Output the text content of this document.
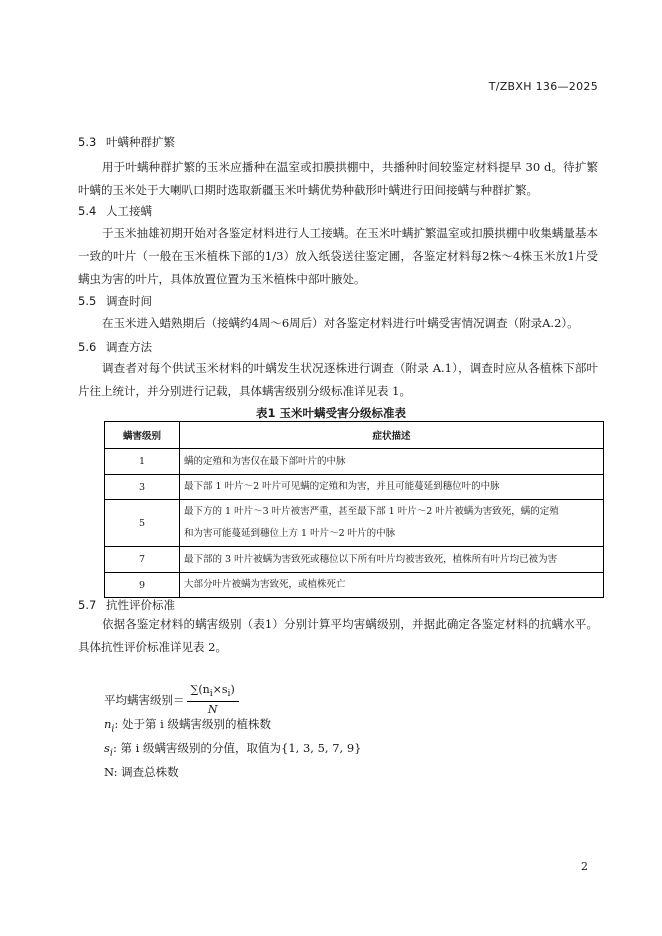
T/ZBXH 136—2025
5.3 叶螨种群扩繁
用于叶螨种群扩繁的玉米应播种在温室或扣膜拱棚中，共播种时间较鉴定材料提早 30 d。待扩繁叶螨的玉米处于大喇叭口期时选取新疆玉米叶螨优势种截形叶螨进行田间接螨与种群扩繁。
5.4 人工接螨
于玉米抽雄初期开始对各鉴定材料进行人工接螨。在玉米叶螨扩繁温室或扣膜拱棚中收集螨量基本一致的叶片（一般在玉米植株下部的1/3）放入纸袋送往鉴定圃，各鉴定材料每2株～4株玉米放1片受螨虫为害的叶片，具体放置位置为玉米植株中部叶腋处。
5.5 调查时间
在玉米进入蜡熟期后（接螨约4周～6周后）对各鉴定材料进行叶螨受害情况调查（附录A.2）。
5.6 调查方法
调查者对每个供试玉米材料的叶螨发生状况逐株进行调查（附录 A.1），调查时应从各植株下部叶片往上统计，并分别进行记载，具体螨害级别分级标准详见表 1。
表1 玉米叶螨受害分级标准表
螨害级别	症状描述
1	螨的定殖和为害仅在最下部叶片的中脉
3	最下部 1 叶片～2 叶片可见螨的定殖和为害，并且可能蔓延到穗位叶的中脉
5	最下方的 1 叶片～3 叶片被害严重，甚至最下部 1 叶片～2 叶片被螨为害致死，螨的定殖
和为害可能蔓延到穗位上方 1 叶片～2 叶片的中脉

7	最下部的 3 叶片被螨为害致死或穗位以下所有叶片均被害致死，植株所有叶片均已被为害
9	大部分叶片被螨为害致死，或植株死亡
5.7 抗性评价标准
依据各鉴定材料的螨害级别（表1）分别计算平均害螨级别，并据此确定各鉴定材料的抗螨水平。具体抗性评价标准详见表 2。
平均螨害级别＝ $\frac{\sum(n_i\times s_i)}{N}$
$n_i$: 处于第 i 级螨害级别的植株数
$s_i$: 第 i 级螨害级别的分值，取值为{1, 3, 5, 7, 9}
N: 调查总株数
2
